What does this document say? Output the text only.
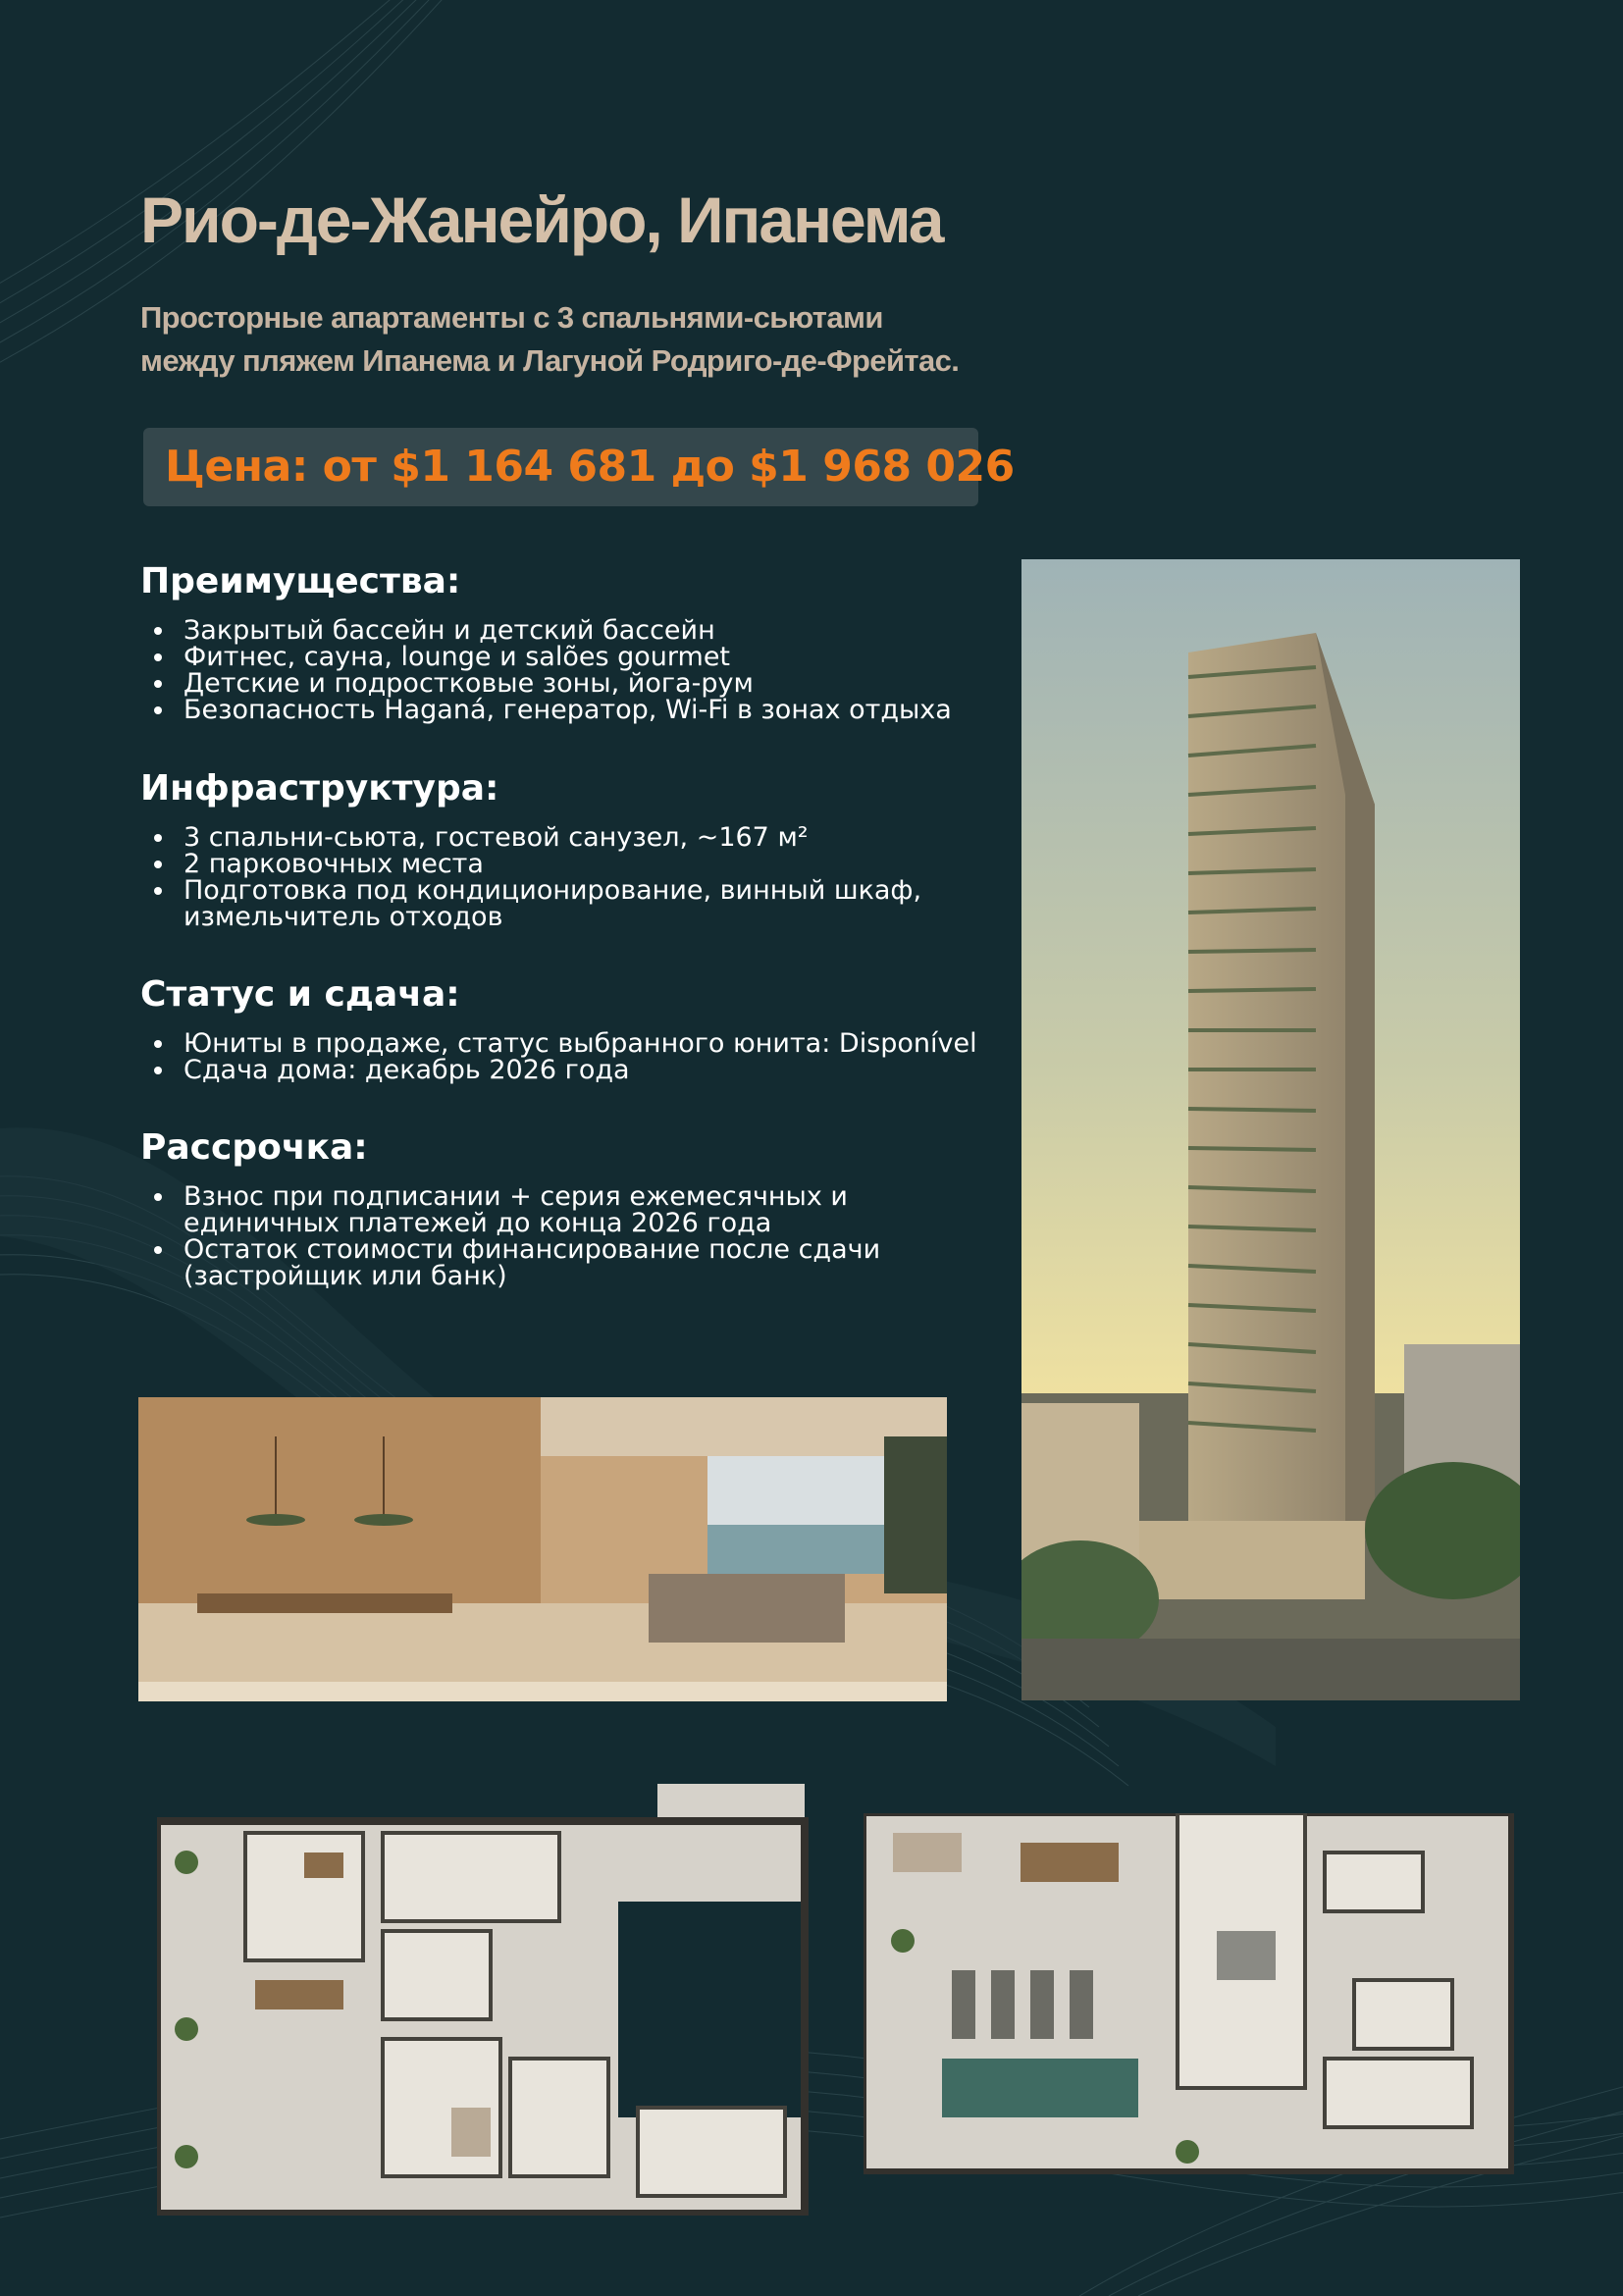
Рио-де-Жанейро, Ипанема
Просторные апартаменты с 3 спальнями-сьютами
между пляжем Ипанема и Лагуной Родриго-де-Фрейтас.
Цена: от $1 164 681 до $1 968 026
Преимущества:
Закрытый бассейн и детский бассейн
Фитнес, сауна, lounge и salões gourmet
Детские и подростковые зоны, йога-рум
Безопасность Haganá, генератор, Wi-Fi в зонах отдыха
Инфраструктура:
3 спальни-сьюта, гостевой санузел, ~167 м²
2 парковочных места
Подготовка под кондиционирование, винный шкаф, измельчитель отходов
Статус и сдача:
Юниты в продаже, статус выбранного юнита: Disponível
Сдача дома: декабрь 2026 года
Рассрочка:
Взнос при подписании + серия ежемесячных и единичных платежей до конца 2026 года
Остаток стоимости финансирование после сдачи (застройщик или банк)
